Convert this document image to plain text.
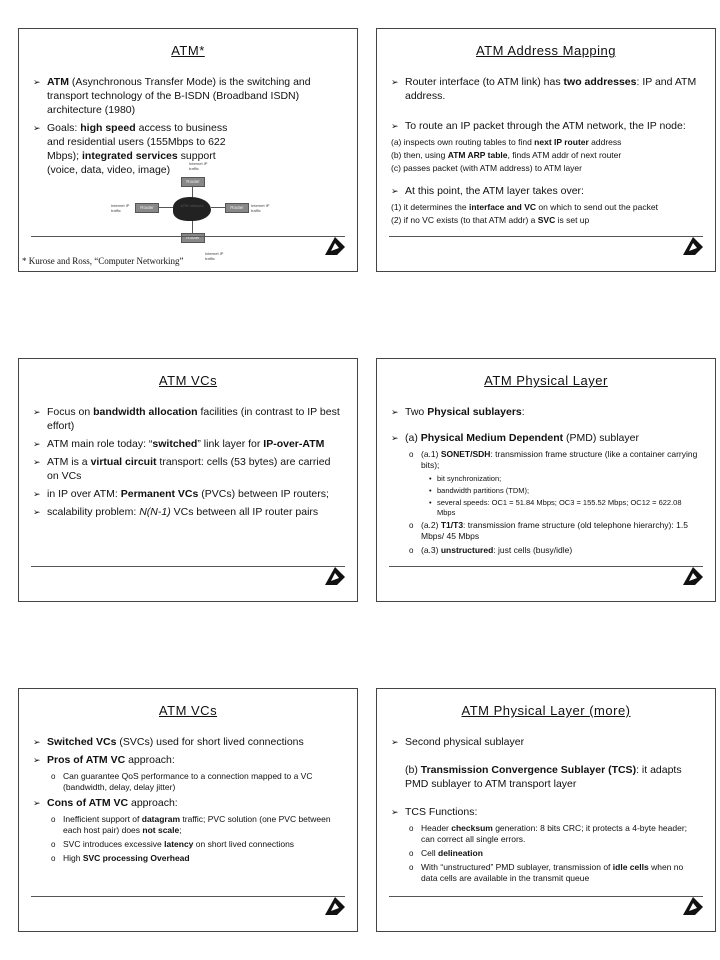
ATM*
➢ ATM (Asynchronous Transfer Mode) is the switching and transport technology of the B-ISDN (Broadband ISDN) architecture (1980)
➢ Goals: high speed access to business and residential users (155Mbps to 622 Mbps); integrated services support (voice, data, video, image)
Internet IP traffic
Router
Internet IP traffic
Router	ATM network	Router	Internet IP traffic
Router
Internet IP traffic
* Kurose and Ross, “Computer Networking”
ATM Address Mapping
➢ Router interface (to ATM link) has two addresses: IP and ATM address.
➢ To route an IP packet through the ATM network, the IP node:
(a) inspects own routing tables to find next IP router address
(b) then, using ATM ARP table, finds ATM addr of next router
(c) passes packet (with ATM address) to ATM layer
➢ At this point, the ATM layer takes over:
(1) it determines the interface and VC on which to send out the packet
(2) if no VC exists (to that ATM addr) a SVC is set up
ATM VCs
➢ Focus on bandwidth allocation facilities (in contrast to IP best effort)
➢ ATM main role today: “switched” link layer for IP-over-ATM
➢ ATM is a virtual circuit transport: cells (53 bytes) are carried on VCs
➢ in IP over ATM: Permanent VCs (PVCs) between IP routers;
➢ scalability problem: N(N-1) VCs between all IP router pairs
ATM Physical Layer
➢ Two Physical sublayers:
➢ (a) Physical Medium Dependent (PMD) sublayer
o (a.1) SONET/SDH: transmission frame structure (like a container carrying bits);
• bit synchronization;
• bandwidth partitions (TDM);
• several speeds: OC1 = 51.84 Mbps; OC3 = 155.52 Mbps; OC12 = 622.08 Mbps
o (a.2) T1/T3: transmission frame structure (old telephone hierarchy): 1.5 Mbps/ 45 Mbps
o (a.3) unstructured: just cells (busy/idle)
ATM VCs
➢ Switched VCs (SVCs) used for short lived connections
➢ Pros of ATM VC approach:
o Can guarantee QoS performance to a connection mapped to a VC (bandwidth, delay, delay jitter)
➢ Cons of ATM VC approach:
o Inefficient support of datagram traffic; PVC solution (one PVC between each host pair) does not scale;
o SVC introduces excessive latency on short lived connections
o High SVC processing Overhead
ATM Physical Layer (more)
➢ Second physical sublayer
(b) Transmission Convergence Sublayer (TCS): it adapts PMD sublayer to ATM transport layer
➢ TCS Functions:
o Header checksum generation: 8 bits CRC; it protects a 4-byte header; can correct all single errors.
o Cell delineation
o With “unstructured” PMD sublayer, transmission of idle cells when no data cells are available in the transmit queue
